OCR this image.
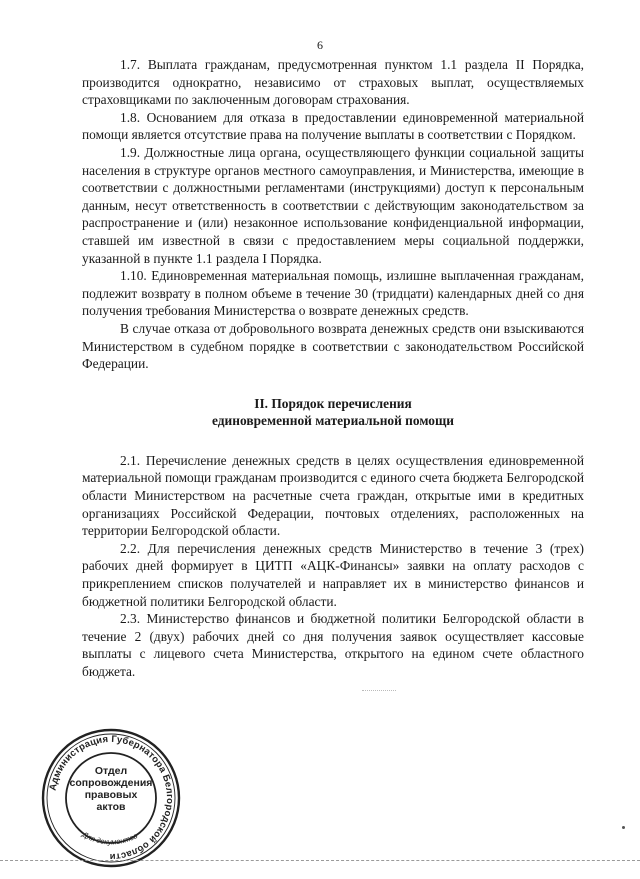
6

1.7. Выплата гражданам, предусмотренная пунктом 1.1 раздела II Порядка, производится однократно, независимо от страховых выплат, осуществляемых страховщиками по заключенным договорам страхования.

1.8. Основанием для отказа в предоставлении единовременной материальной помощи является отсутствие права на получение выплаты в соответствии с Порядком.

1.9. Должностные лица органа, осуществляющего функции социальной защиты населения в структуре органов местного самоуправления, и Министерства, имеющие в соответствии с должностными регламентами (инструкциями) доступ к персональным данным, несут ответственность в соответствии с действующим законодательством за распространение и (или) незаконное использование конфиденциальной информации, ставшей им известной в связи с предоставлением меры социальной поддержки, указанной в пункте 1.1 раздела I Порядка.

1.10. Единовременная материальная помощь, излишне выплаченная гражданам, подлежит возврату в полном объеме в течение 30 (тридцати) календарных дней со дня получения требования Министерства о возврате денежных средств.

В случае отказа от добровольного возврата денежных средств они взыскиваются Министерством в судебном порядке в соответствии с законодательством Российской Федерации.

II. Порядок перечисления
единовременной материальной помощи

2.1. Перечисление денежных средств в целях осуществления единовременной материальной помощи гражданам производится с единого счета бюджета Белгородской области Министерством на расчетные счета граждан, открытые ими в кредитных организациях Российской Федерации, почтовых отделениях, расположенных на территории Белгородской области.

2.2. Для перечисления денежных средств Министерство в течение 3 (трех) рабочих дней формирует в ЦИТП «АЦК-Финансы» заявки на оплату расходов с прикреплением списков получателей и направляет их в министерство финансов и бюджетной политики Белгородской области.

2.3. Министерство финансов и бюджетной политики Белгородской области в течение 2 (двух) рабочих дней со дня получения заявок осуществляет кассовые выплаты с лицевого счета Министерства, открытого на едином счете областного бюджета.

Администрация Губернатора Белгородской области
Для документов
Отдел
сопровождения
правовых
актов
